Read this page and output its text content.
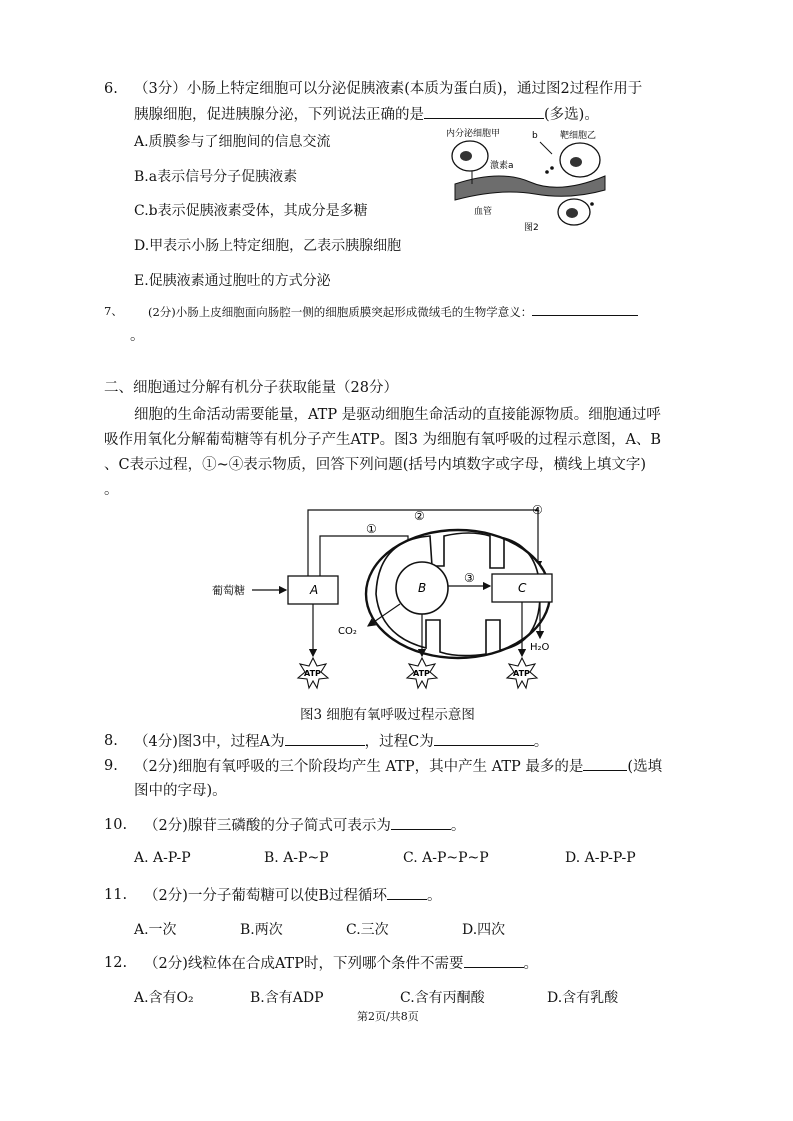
6. （3分）小肠上特定细胞可以分泌促胰液素(本质为蛋白质)，通过图2过程作用于
胰腺细胞，促进胰腺分泌，下列说法正确的是	(多选)。
A.质膜参与了细胞间的信息交流
B.a表示信号分子促胰液素
C.b表示促胰液素受体，其成分是多糖
D.甲表示小肠上特定细胞，乙表示胰腺细胞
E.促胰液素通过胞吐的方式分泌
内分泌细胞甲	b 靶细胞乙
激素a
血管
图2
7、 (2分)小肠上皮细胞面向肠腔一侧的细胞质膜突起形成微绒毛的生物学意义：
。
二、细胞通过分解有机分子获取能量（28分）
细胞的生命活动需要能量，ATP 是驱动细胞生命活动的直接能源物质。细胞通过呼
吸作用氧化分解葡萄糖等有机分子产生ATP。图3 为细胞有氧呼吸的过程示意图，A、B
、C表示过程，①~④表示物质，回答下列问题(括号内填数字或字母，横线上填文字)
。
葡萄糖	A
①
②	④
B	C
③
CO₂
H₂O
ATP	ATP	ATP
图3 细胞有氧呼吸过程示意图
8. （4分)图3中，过程A为	，过程C为	。
9. （2分)细胞有氧呼吸的三个阶段均产生 ATP，其中产生 ATP 最多的是	(选填
图中的字母)。
10. （2分)腺苷三磷酸的分子简式可表示为	。
A. A-P-P	B. A-P~P	C. A-P~P~P	D. A-P-P-P
11. （2分)一分子葡萄糖可以使B过程循环	。
A.一次	B.两次	C.三次	D.四次
12. （2分)线粒体在合成ATP时，下列哪个条件不需要	。
A.含有O₂	B.含有ADP	C.含有丙酮酸	D.含有乳酸
第2页/共8页
